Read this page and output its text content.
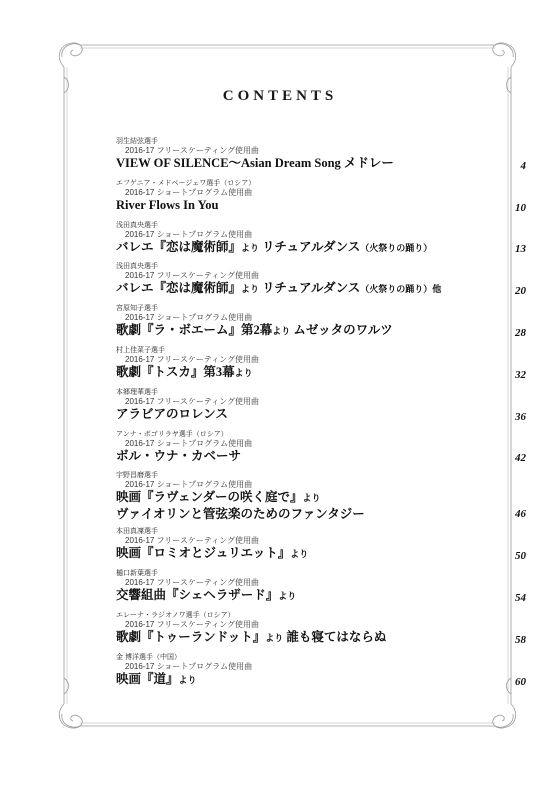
CONTENTS
羽生結弦選手
2016-17 フリースケーティング使用曲
VIEW OF SILENCE～Asian Dream Song メドレー	4
エフゲニア・メドベージェワ選手（ロシア）
2016-17 ショートプログラム使用曲
River Flows In You	10
浅田真央選手
2016-17 ショートプログラム使用曲
バレエ『恋は魔術師』より リチュアルダンス（火祭りの踊り）	13
浅田真央選手
2016-17 フリースケーティング使用曲
バレエ『恋は魔術師』より リチュアルダンス（火祭りの踊り）他	20
宮原知子選手
2016-17 ショートプログラム使用曲
歌劇『ラ・ボエーム』第2幕より ムゼッタのワルツ	28
村上佳菜子選手
2016-17 フリースケーティング使用曲
歌劇『トスカ』第3幕より	32
本郷理華選手
2016-17 フリースケーティング使用曲
アラビアのロレンス	36
アンナ・ポゴリラヤ選手（ロシア）
2016-17 ショートプログラム使用曲
ボル・ウナ・カベーサ	42
宇野昌磨選手
2016-17 ショートプログラム使用曲
映画『ラヴェンダーの咲く庭で』より
ヴァイオリンと管弦楽のためのファンタジー	46
本田真凜選手
2016-17 フリースケーティング使用曲
映画『ロミオとジュリエット』より	50
樋口新葉選手
2016-17 フリースケーティング使用曲
交響組曲『シェヘラザード』より	54
エレーナ・ラジオノワ選手（ロシア）
2016-17 フリースケーティング使用曲
歌劇『トゥーランドット』より 誰も寝てはならぬ	58
金 博洋選手（中国）
2016-17 ショートプログラム使用曲
映画『道』より	60
